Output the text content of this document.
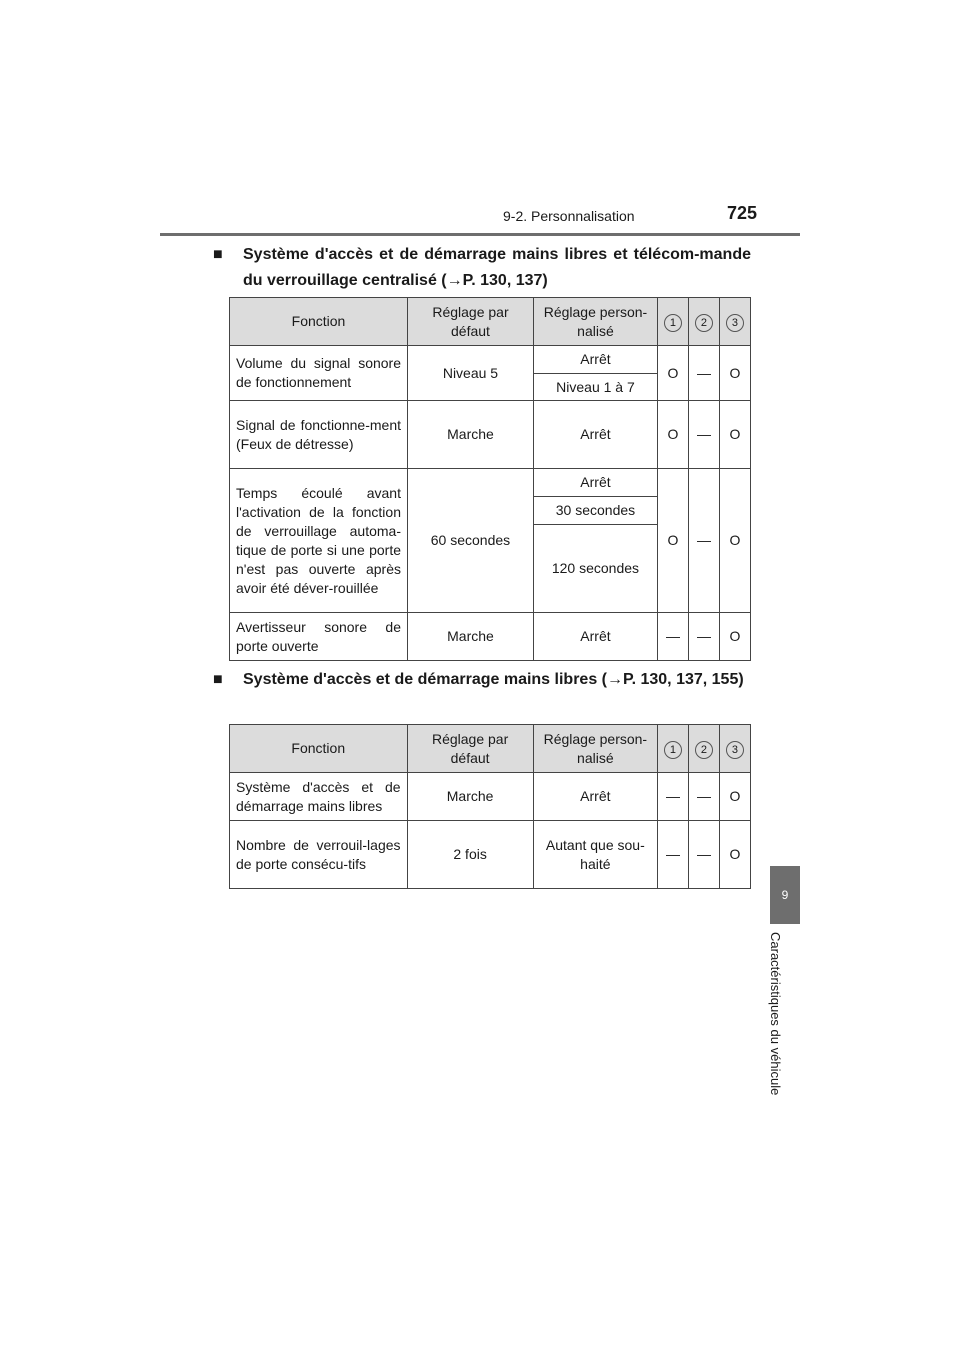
9-2. Personnalisation	725
9
Caractéristiques du véhicule
■	Système d'accès et de démarrage mains libres et télécom-mande du verrouillage centralisé (→P. 130, 137)
Fonction	Réglage par défaut	Réglage person-nalisé	1	2	3
Volume du signal sonore de fonctionnement	Niveau 5	Arrêt	O	—	O
		Niveau 1 à 7			
Signal de fonctionne-ment (Feux de détresse)	Marche	Arrêt	O	—	O
Temps écoulé avant l'activation de la fonction de verrouillage automa-tique de porte si une porte n'est pas ouverte après avoir été déver-rouillée	60 secondes	Arrêt	O	—	O
		30 secondes			
		120 secondes			
Avertisseur sonore de porte ouverte	Marche	Arrêt	—	—	O
■	Système d'accès et de démarrage mains libres (→P. 130, 137, 155)
Fonction	Réglage par défaut	Réglage person-nalisé	1	2	3
Système d'accès et de démarrage mains libres	Marche	Arrêt	—	—	O
Nombre de verrouil-lages de porte consécu-tifs	2 fois	Autant que sou-haité	—	—	O
